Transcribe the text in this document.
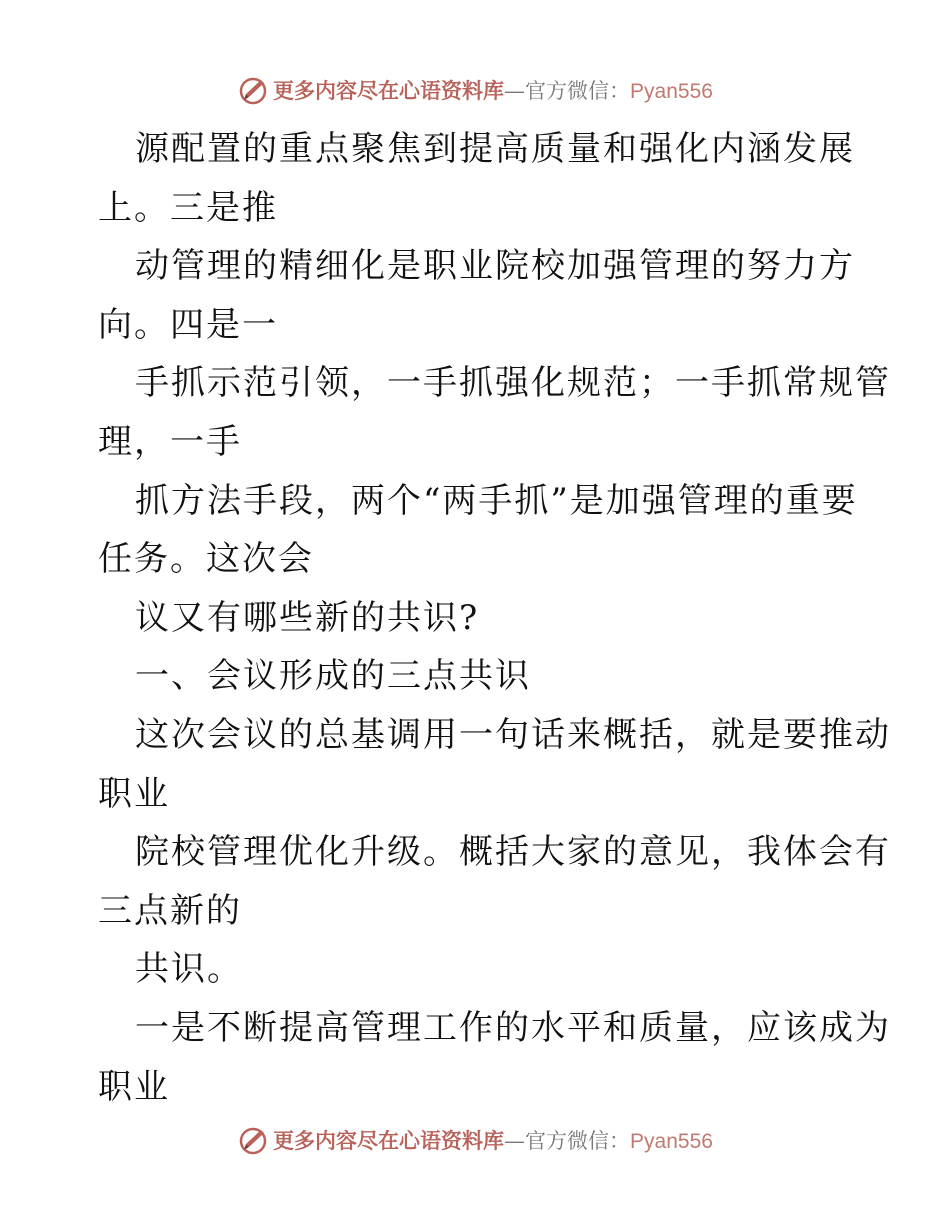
更多内容尽在心语资料库—官方微信：Pyan556
源配置的重点聚焦到提高质量和强化内涵发展
上。三是推
动管理的精细化是职业院校加强管理的努力方
向。四是一
手抓示范引领，一手抓强化规范；一手抓常规管
理，一手
抓方法手段，两个“两手抓”是加强管理的重要
任务。这次会
议又有哪些新的共识?
一、会议形成的三点共识
这次会议的总基调用一句话来概括，就是要推动
职业
院校管理优化升级。概括大家的意见，我体会有
三点新的
共识。
一是不断提高管理工作的水平和质量，应该成为
职业
更多内容尽在心语资料库—官方微信：Pyan556
